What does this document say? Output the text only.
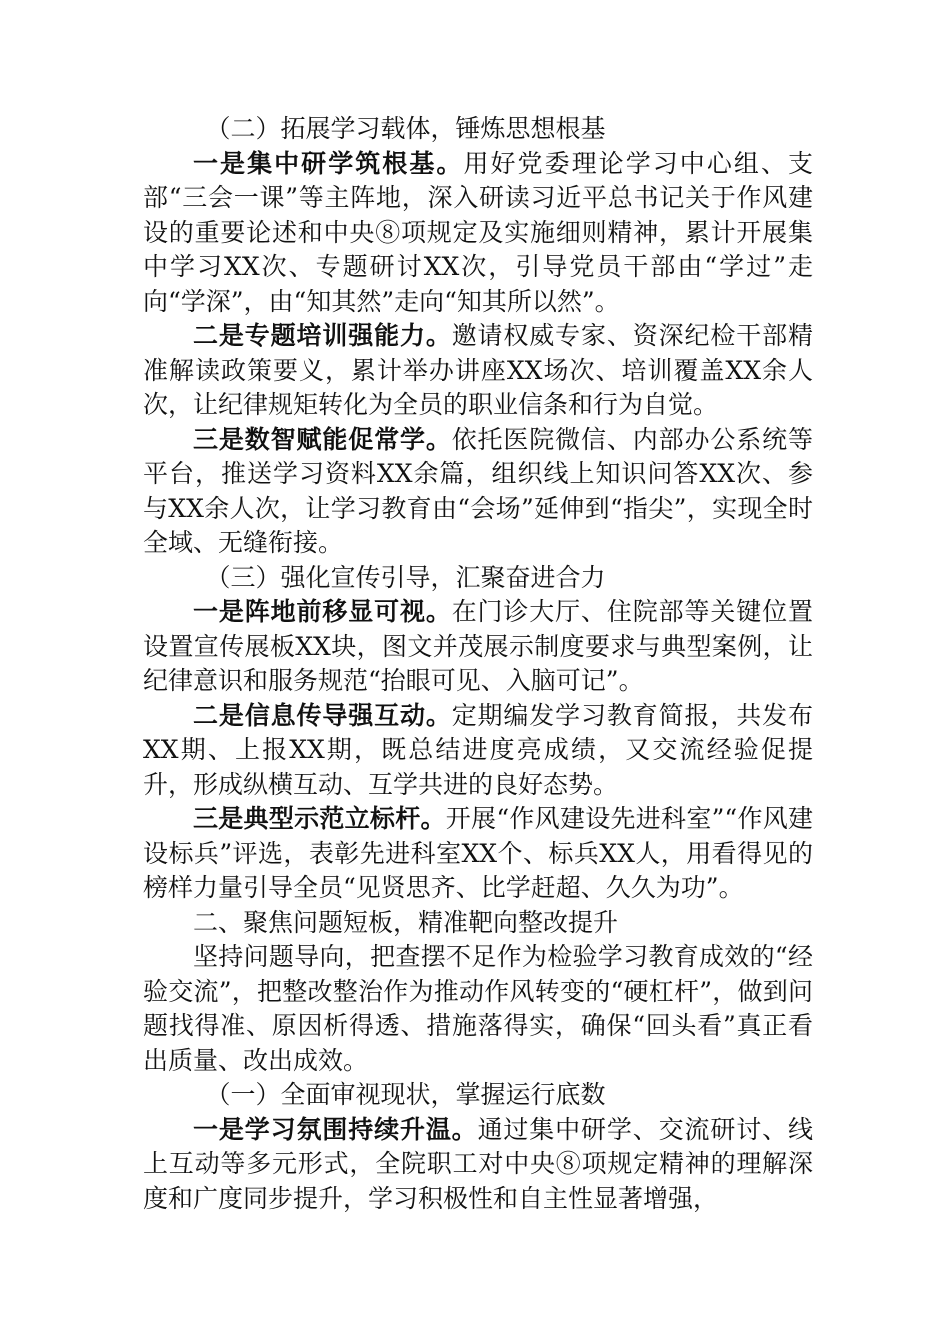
（二）拓展学习载体，锤炼思想根基

一是集中研学筑根基。用好党委理论学习中心组、支部“三会一课”等主阵地，深入研读习近平总书记关于作风建设的重要论述和中央⑧项规定及实施细则精神，累计开展集中学习XX次、专题研讨XX次，引导党员干部由“学过”走向“学深”，由“知其然”走向“知其所以然”。

二是专题培训强能力。邀请权威专家、资深纪检干部精准解读政策要义，累计举办讲座XX场次、培训覆盖XX余人次，让纪律规矩转化为全员的职业信条和行为自觉。

三是数智赋能促常学。依托医院微信、内部办公系统等平台，推送学习资料XX余篇，组织线上知识问答XX次、参与XX余人次，让学习教育由“会场”延伸到“指尖”，实现全时全域、无缝衔接。

（三）强化宣传引导，汇聚奋进合力

一是阵地前移显可视。在门诊大厅、住院部等关键位置设置宣传展板XX块，图文并茂展示制度要求与典型案例，让纪律意识和服务规范“抬眼可见、入脑可记”。

二是信息传导强互动。定期编发学习教育简报，共发布XX期、上报XX期，既总结进度亮成绩，又交流经验促提升，形成纵横互动、互学共进的良好态势。

三是典型示范立标杆。开展“作风建设先进科室”“作风建设标兵”评选，表彰先进科室XX个、标兵XX人，用看得见的榜样力量引导全员“见贤思齐、比学赶超、久久为功”。

二、聚焦问题短板，精准靶向整改提升

坚持问题导向，把查摆不足作为检验学习教育成效的“经验交流”，把整改整治作为推动作风转变的“硬杠杆”，做到问题找得准、原因析得透、措施落得实，确保“回头看”真正看出质量、改出成效。

（一）全面审视现状，掌握运行底数

一是学习氛围持续升温。通过集中研学、交流研讨、线上互动等多元形式，全院职工对中央⑧项规定精神的理解深度和广度同步提升，学习积极性和自主性显著增强，
